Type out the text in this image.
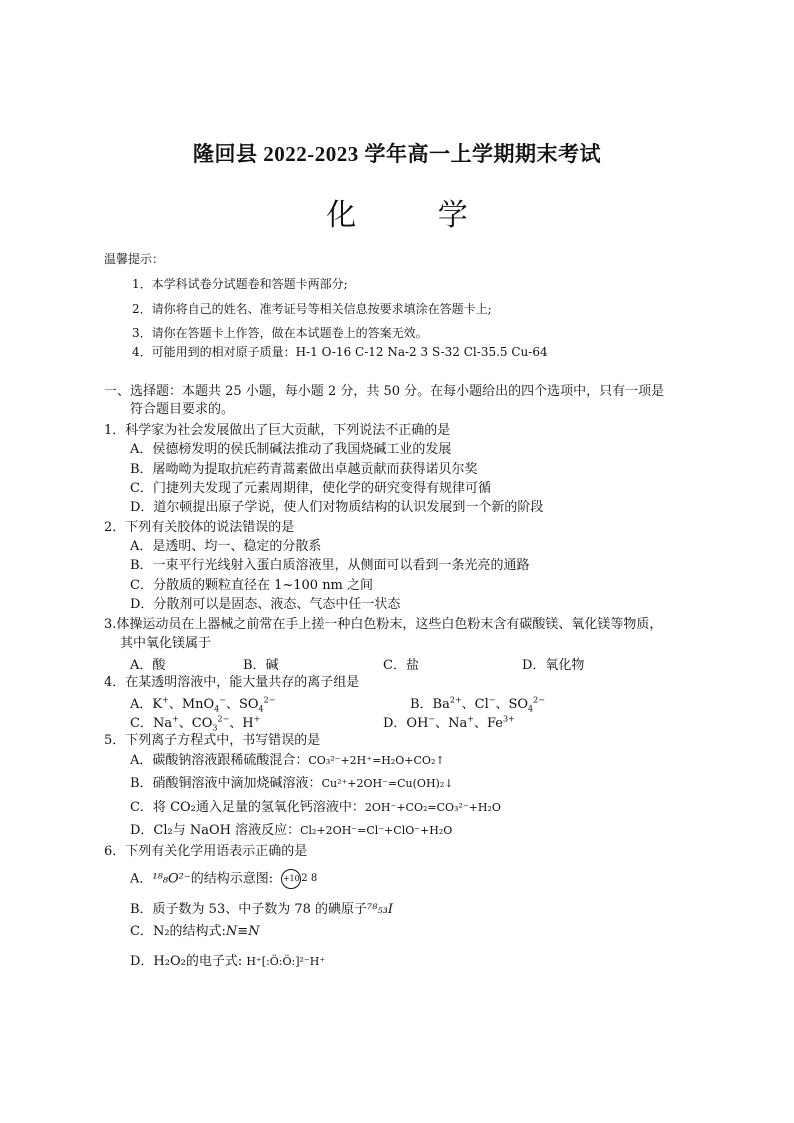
隆回县 2022-2023 学年高一上学期期末考试
化 学
温馨提示：
1．本学科试卷分试题卷和答题卡两部分;
2．请你将自己的姓名、准考证号等相关信息按要求填涂在答题卡上;
3．请你在答题卡上作答，做在本试题卷上的答案无效。
4．可能用到的相对原子质量：H-1 O-16 C-12 Na-2 3 S-32 Cl-35.5 Cu-64
一、选择题：本题共 25 小题，每小题 2 分，共 50 分。在每小题给出的四个选项中，只有一项是
符合题目要求的。
1．科学家为社会发展做出了巨大贡献，下列说法不正确的是
A．侯德榜发明的侯氏制碱法推动了我国烧碱工业的发展
B．屠呦呦为提取抗疟药青蒿素做出卓越贡献而获得诺贝尔奖
C．门捷列夫发现了元素周期律，使化学的研究变得有规律可循
D．道尔顿提出原子学说，使人们对物质结构的认识发展到一个新的阶段
2．下列有关胶体的说法错误的是
A．是透明、均一、稳定的分散系
B．一束平行光线射入蛋白质溶液里，从侧面可以看到一条光亮的通路
C．分散质的颗粒直径在 1~100 nm 之间
D．分散剂可以是固态、液态、气态中任一状态
3.体操运动员在上器械之前常在手上搓一种白色粉末，这些白色粉末含有碳酸镁、氧化镁等物质，
其中氧化镁属于
A．酸	B．碱	C．盐	D．氧化物
4．在某透明溶液中，能大量共存的离子组是
A．K+、MnO$_4$−、$SO_4^{2-}$	B．$Ba^{2+}$、Cl−、$SO_4^{2-}$
C．Na+、$CO_3^{2-}$、H+	D．OH−、Na+、$Fe^{3+}$
5．下列离子方程式中，书写错误的是
A．碳酸钠溶液跟稀硫酸混合：CO₃²⁻+2H⁺=H₂O+CO₂↑
B．硝酸铜溶液中滴加烧碱溶液：Cu²⁺+2OH⁻=Cu(OH)₂↓
C．将 CO₂通入足量的氢氧化钙溶液中：2OH⁻+CO₂=CO₃²⁻+H₂O
D．Cl₂与 NaOH 溶液反应：Cl₂+2OH⁻=Cl⁻+ClO⁻+H₂O
6．下列有关化学用语表示正确的是
A．¹⁸₈O²⁻的结构示意图: +10 2 8
B．质子数为 53、中子数为 78 的碘原子⁷⁸₅₃I
C．N₂的结构式:N≡N
D．H₂O₂的电子式: H⁺[:Ö:Ö:]²⁻H⁺
